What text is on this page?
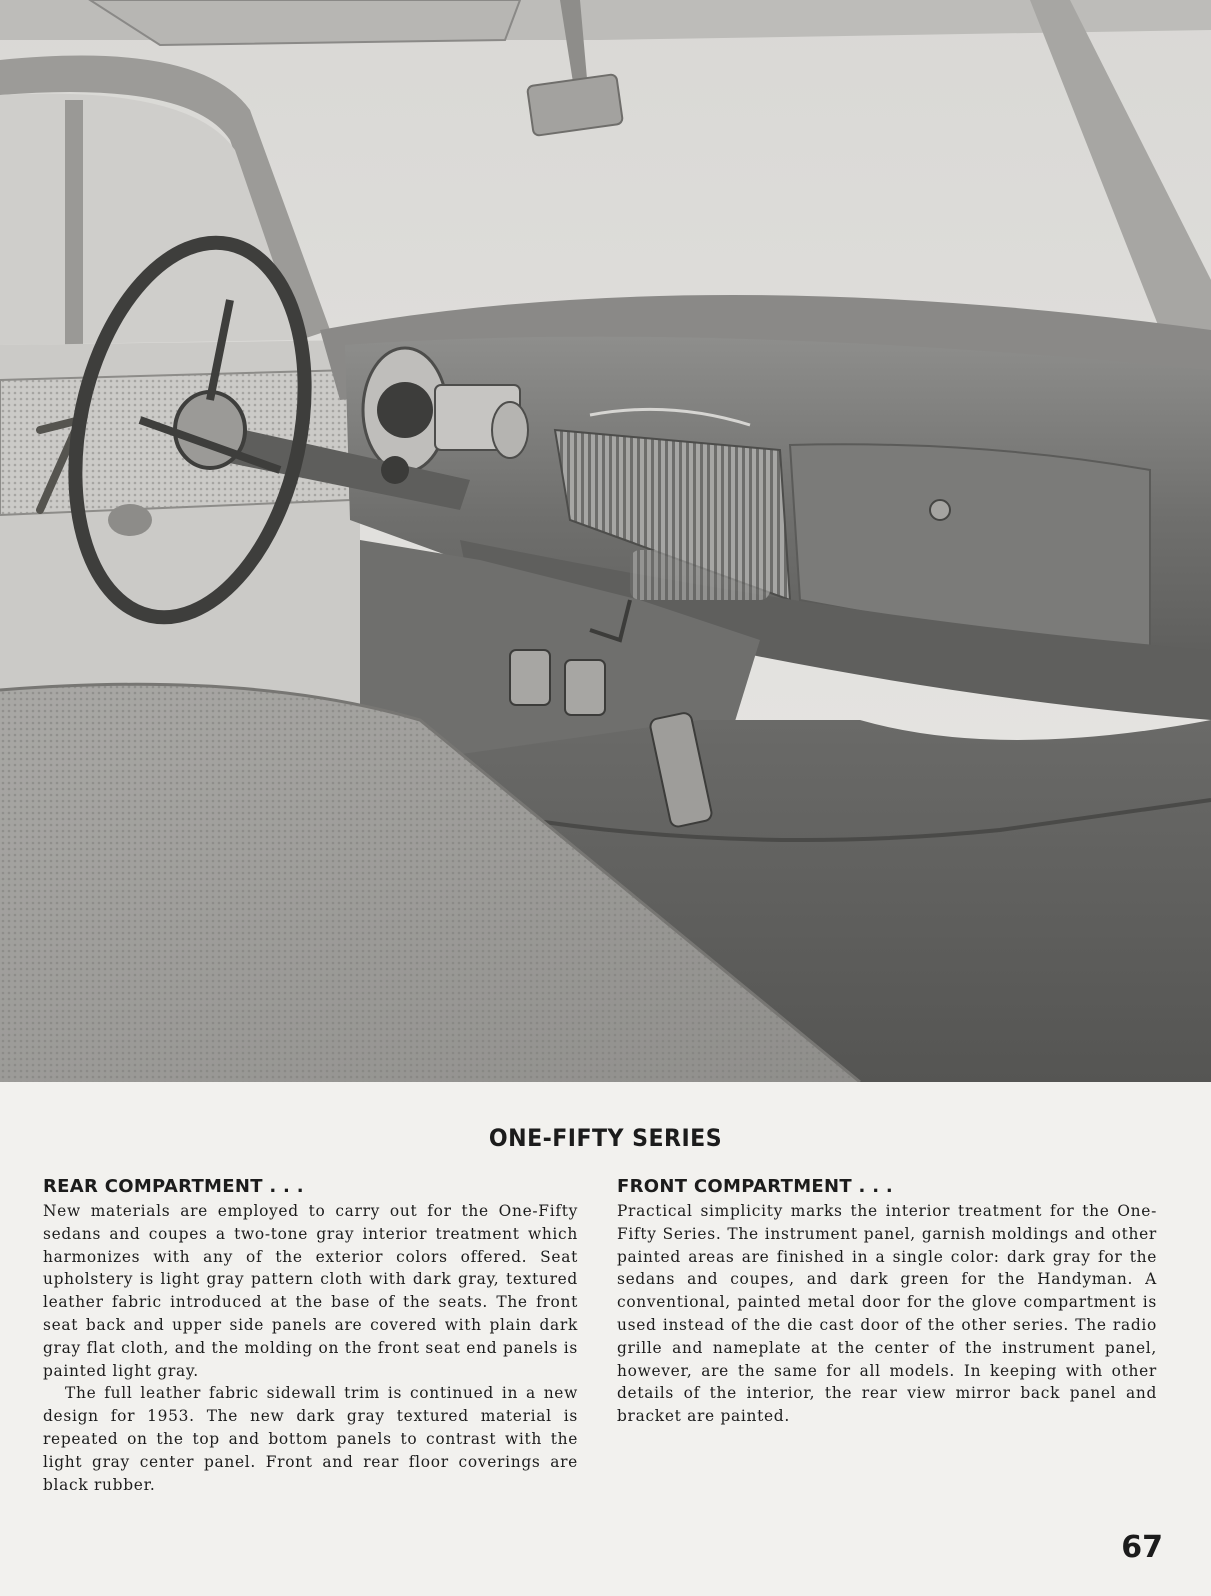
ONE-FIFTY SERIES
REAR COMPARTMENT . . .

New materials are employed to carry out for the One-Fifty sedans and coupes a two-tone gray interior treatment which harmonizes with any of the exterior colors offered. Seat upholstery is light gray pattern cloth with dark gray, textured leather fabric introduced at the base of the seats. The front seat back and upper side panels are covered with plain dark gray flat cloth, and the molding on the front seat end panels is painted light gray.

The full leather fabric sidewall trim is continued in a new design for 1953. The new dark gray textured material is repeated on the top and bottom panels to contrast with the light gray center panel. Front and rear floor coverings are black rubber.

FRONT COMPARTMENT . . .

Practical simplicity marks the interior treatment for the One-Fifty Series. The instrument panel, garnish moldings and other painted areas are finished in a single color: dark gray for the sedans and coupes, and dark green for the Handyman. A conventional, painted metal door for the glove compartment is used instead of the die cast door of the other series. The radio grille and nameplate at the center of the instrument panel, however, are the same for all models. In keeping with other details of the interior, the rear view mirror back panel and bracket are painted.

67
